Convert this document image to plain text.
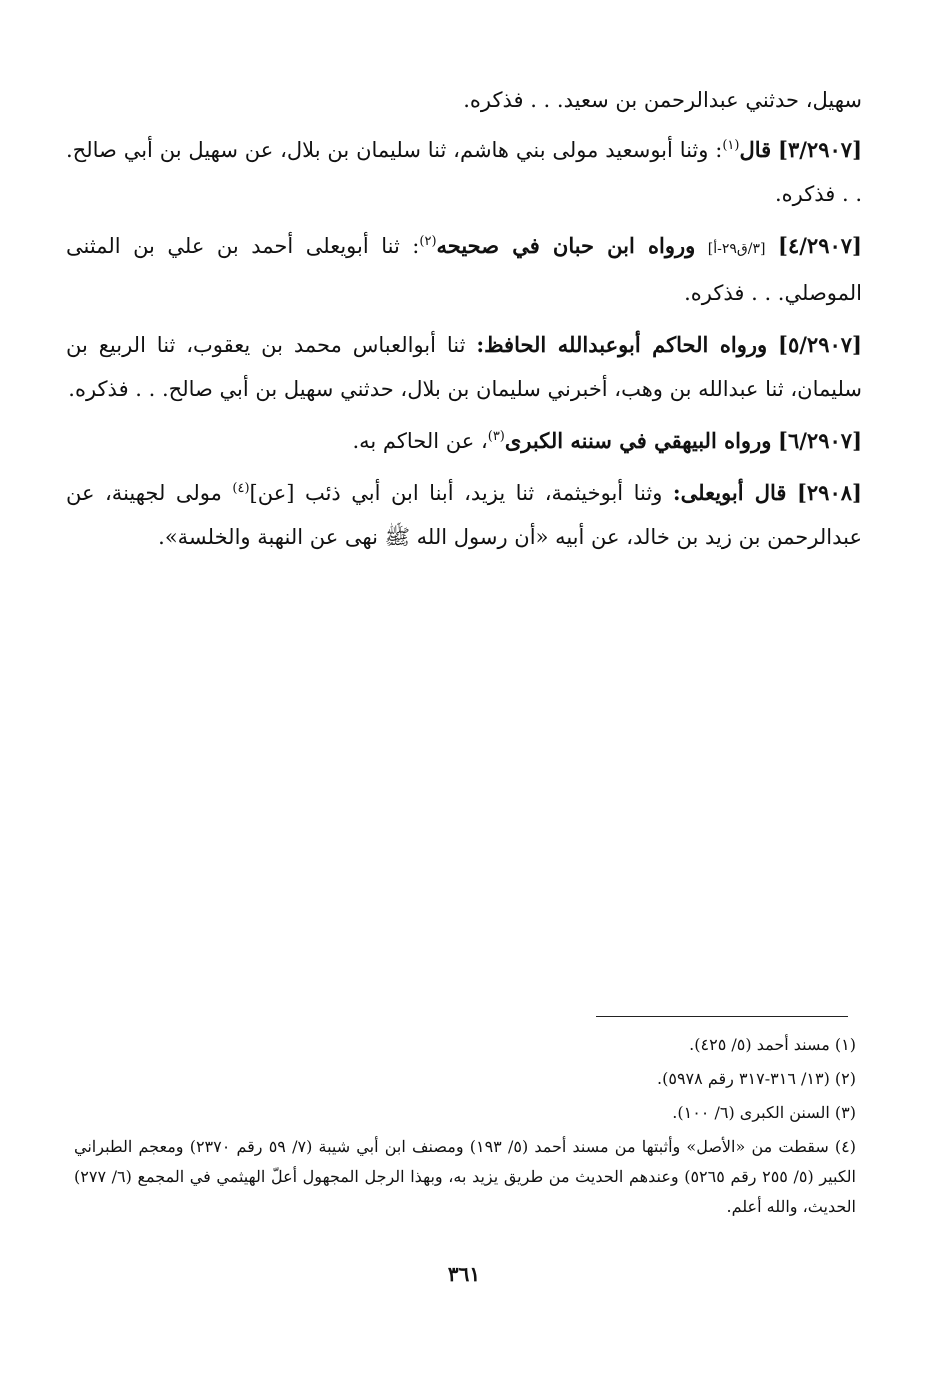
سهيل، حدثني عبدالرحمن بن سعيد. . . فذكره.

[٣/٢٩٠٧] قال$^{(١)}$: وثنا أبوسعيد مولى بني هاشم، ثنا سليمان بن بلال، عن سهيل بن أبي صالح. . . فذكره.

[٤/٢٩٠٧] [٣/ق٢٩-أ] ورواه ابن حبان في صحيحه$^{(٢)}$: ثنا أبويعلى أحمد بن علي بن المثنى الموصلي. . . فذكره.

[٥/٢٩٠٧] ورواه الحاكم أبوعبدالله الحافظ: ثنا أبوالعباس محمد بن يعقوب، ثنا الربيع بن سليمان، ثنا عبدالله بن وهب، أخبرني سليمان بن بلال، حدثني سهيل بن أبي صالح. . . فذكره.

[٦/٢٩٠٧] ورواه البيهقي في سننه الكبرى$^{(٣)}$، عن الحاكم به.

[٢٩٠٨] قال أبويعلى: وثنا أبوخيثمة، ثنا يزيد، أبنا ابن أبي ذئب [عن]$^{(٤)}$ مولى لجهينة، عن عبدالرحمن بن زيد بن خالد، عن أبيه «أن رسول الله ﷺ نهى عن النهبة والخلسة».

(١) مسند أحمد (٥/ ٤٢٥).

(٢) (١٣/ ٣١٦-٣١٧ رقم ٥٩٧٨).

(٣) السنن الكبرى (٦/ ١٠٠).

(٤) سقطت من «الأصل» وأثبتها من مسند أحمد (٥/ ١٩٣) ومصنف ابن أبي شيبة (٧/ ٥٩ رقم ٢٣٧٠) ومعجم الطبراني الكبير (٥/ ٢٥٥ رقم ٥٢٦٥) وعندهم الحديث من طريق يزيد به، وبهذا الرجل المجهول أعلّ الهيثمي في المجمع (٦/ ٢٧٧) الحديث، والله أعلم.

٣٦١
